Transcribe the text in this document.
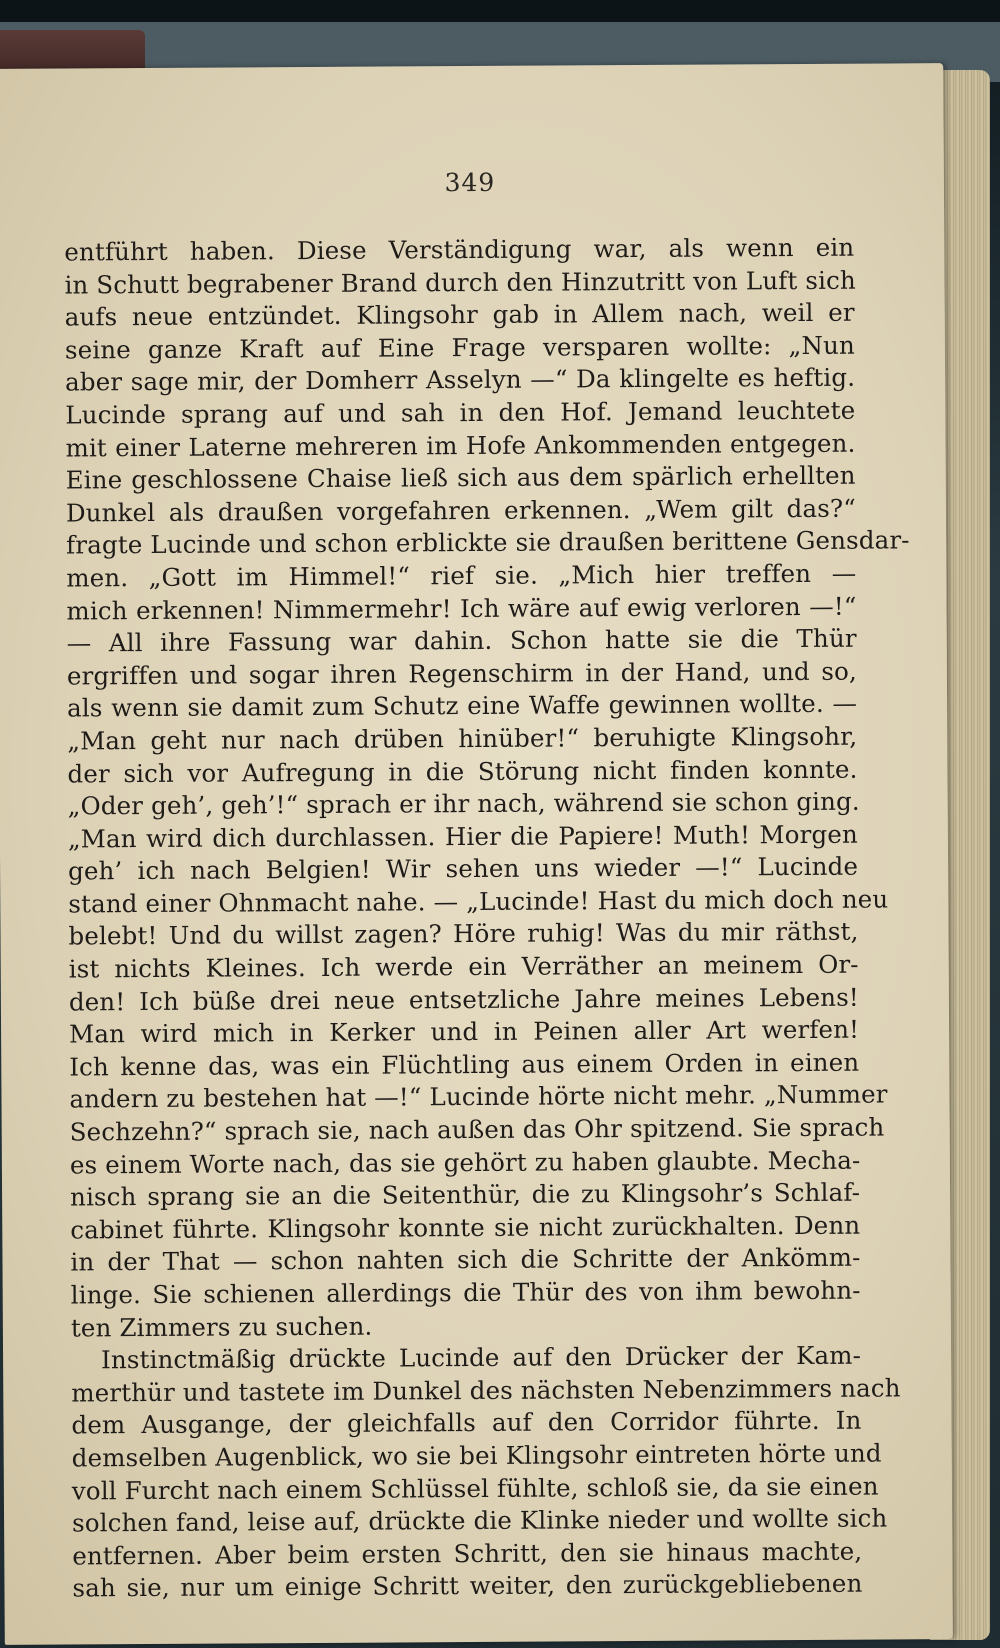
349
entführt haben. Diese Verständigung war, als wenn ein
in Schutt begrabener Brand durch den Hinzutritt von Luft sich
aufs neue entzündet. Klingsohr gab in Allem nach, weil er
seine ganze Kraft auf Eine Frage versparen wollte: „Nun
aber sage mir, der Domherr Asselyn —“ Da klingelte es heftig.
Lucinde sprang auf und sah in den Hof. Jemand leuchtete
mit einer Laterne mehreren im Hofe Ankommenden entgegen.
Eine geschlossene Chaise ließ sich aus dem spärlich erhellten
Dunkel als draußen vorgefahren erkennen. „Wem gilt das?“
fragte Lucinde und schon erblickte sie draußen berittene Gensdar-
men. „Gott im Himmel!“ rief sie. „Mich hier treffen —
mich erkennen! Nimmermehr! Ich wäre auf ewig verloren —!“
— All ihre Fassung war dahin. Schon hatte sie die Thür
ergriffen und sogar ihren Regenschirm in der Hand, und so,
als wenn sie damit zum Schutz eine Waffe gewinnen wollte. —
„Man geht nur nach drüben hinüber!“ beruhigte Klingsohr,
der sich vor Aufregung in die Störung nicht finden konnte.
„Oder geh’, geh’!“ sprach er ihr nach, während sie schon ging.
„Man wird dich durchlassen. Hier die Papiere! Muth! Morgen
geh’ ich nach Belgien! Wir sehen uns wieder —!“ Lucinde
stand einer Ohnmacht nahe. — „Lucinde! Hast du mich doch neu
belebt! Und du willst zagen? Höre ruhig! Was du mir räthst,
ist nichts Kleines. Ich werde ein Verräther an meinem Or-
den! Ich büße drei neue entsetzliche Jahre meines Lebens!
Man wird mich in Kerker und in Peinen aller Art werfen!
Ich kenne das, was ein Flüchtling aus einem Orden in einen
andern zu bestehen hat —!“ Lucinde hörte nicht mehr. „Nummer
Sechzehn?“ sprach sie, nach außen das Ohr spitzend. Sie sprach
es einem Worte nach, das sie gehört zu haben glaubte. Mecha-
nisch sprang sie an die Seitenthür, die zu Klingsohr’s Schlaf-
cabinet führte. Klingsohr konnte sie nicht zurückhalten. Denn
in der That — schon nahten sich die Schritte der Ankömm-
linge. Sie schienen allerdings die Thür des von ihm bewohn-
ten Zimmers zu suchen.
Instinctmäßig drückte Lucinde auf den Drücker der Kam-
merthür und tastete im Dunkel des nächsten Nebenzimmers nach
dem Ausgange, der gleichfalls auf den Corridor führte. In
demselben Augenblick, wo sie bei Klingsohr eintreten hörte und
voll Furcht nach einem Schlüssel fühlte, schloß sie, da sie einen
solchen fand, leise auf, drückte die Klinke nieder und wollte sich
entfernen. Aber beim ersten Schritt, den sie hinaus machte,
sah sie, nur um einige Schritt weiter, den zurückgebliebenen
